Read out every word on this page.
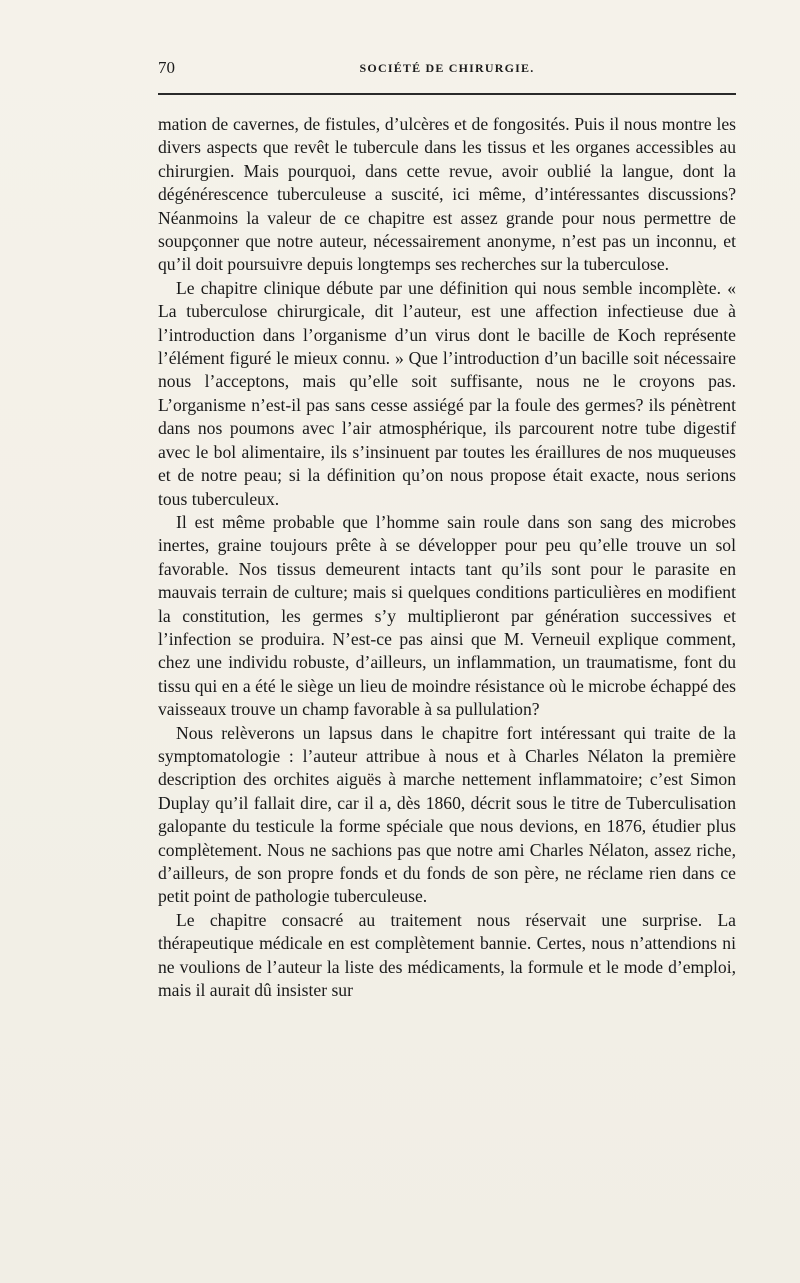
70	SOCIÉTÉ DE CHIRURGIE.

mation de cavernes, de fistules, d’ulcères et de fongosités. Puis il nous montre les divers aspects que revêt le tubercule dans les tissus et les organes accessibles au chirurgien. Mais pourquoi, dans cette revue, avoir oublié la langue, dont la dégénérescence tuberculeuse a suscité, ici même, d’intéressantes discussions? Néanmoins la valeur de ce chapitre est assez grande pour nous permettre de soupçonner que notre auteur, nécessairement anonyme, n’est pas un inconnu, et qu’il doit poursuivre depuis longtemps ses recherches sur la tuberculose.

Le chapitre clinique débute par une définition qui nous semble incomplète. « La tuberculose chirurgicale, dit l’auteur, est une affection infectieuse due à l’introduction dans l’organisme d’un virus dont le bacille de Koch représente l’élément figuré le mieux connu. » Que l’introduction d’un bacille soit nécessaire nous l’acceptons, mais qu’elle soit suffisante, nous ne le croyons pas. L’organisme n’est-il pas sans cesse assiégé par la foule des germes? ils pénètrent dans nos poumons avec l’air atmosphérique, ils parcourent notre tube digestif avec le bol alimentaire, ils s’insinuent par toutes les éraillures de nos muqueuses et de notre peau; si la définition qu’on nous propose était exacte, nous serions tous tuberculeux.

Il est même probable que l’homme sain roule dans son sang des microbes inertes, graine toujours prête à se développer pour peu qu’elle trouve un sol favorable. Nos tissus demeurent intacts tant qu’ils sont pour le parasite en mauvais terrain de culture; mais si quelques conditions particulières en modifient la constitution, les germes s’y multiplieront par génération successives et l’infection se produira. N’est-ce pas ainsi que M. Verneuil explique comment, chez une individu robuste, d’ailleurs, un inflammation, un traumatisme, font du tissu qui en a été le siège un lieu de moindre résistance où le microbe échappé des vaisseaux trouve un champ favorable à sa pullulation?

Nous relèverons un lapsus dans le chapitre fort intéressant qui traite de la symptomatologie : l’auteur attribue à nous et à Charles Nélaton la première description des orchites aiguës à marche nettement inflammatoire; c’est Simon Duplay qu’il fallait dire, car il a, dès 1860, décrit sous le titre de Tuberculisation galopante du testicule la forme spéciale que nous devions, en 1876, étudier plus complètement. Nous ne sachions pas que notre ami Charles Nélaton, assez riche, d’ailleurs, de son propre fonds et du fonds de son père, ne réclame rien dans ce petit point de pathologie tuberculeuse.

Le chapitre consacré au traitement nous réservait une surprise. La thérapeutique médicale en est complètement bannie. Certes, nous n’attendions ni ne voulions de l’auteur la liste des médicaments, la formule et le mode d’emploi, mais il aurait dû insister sur
